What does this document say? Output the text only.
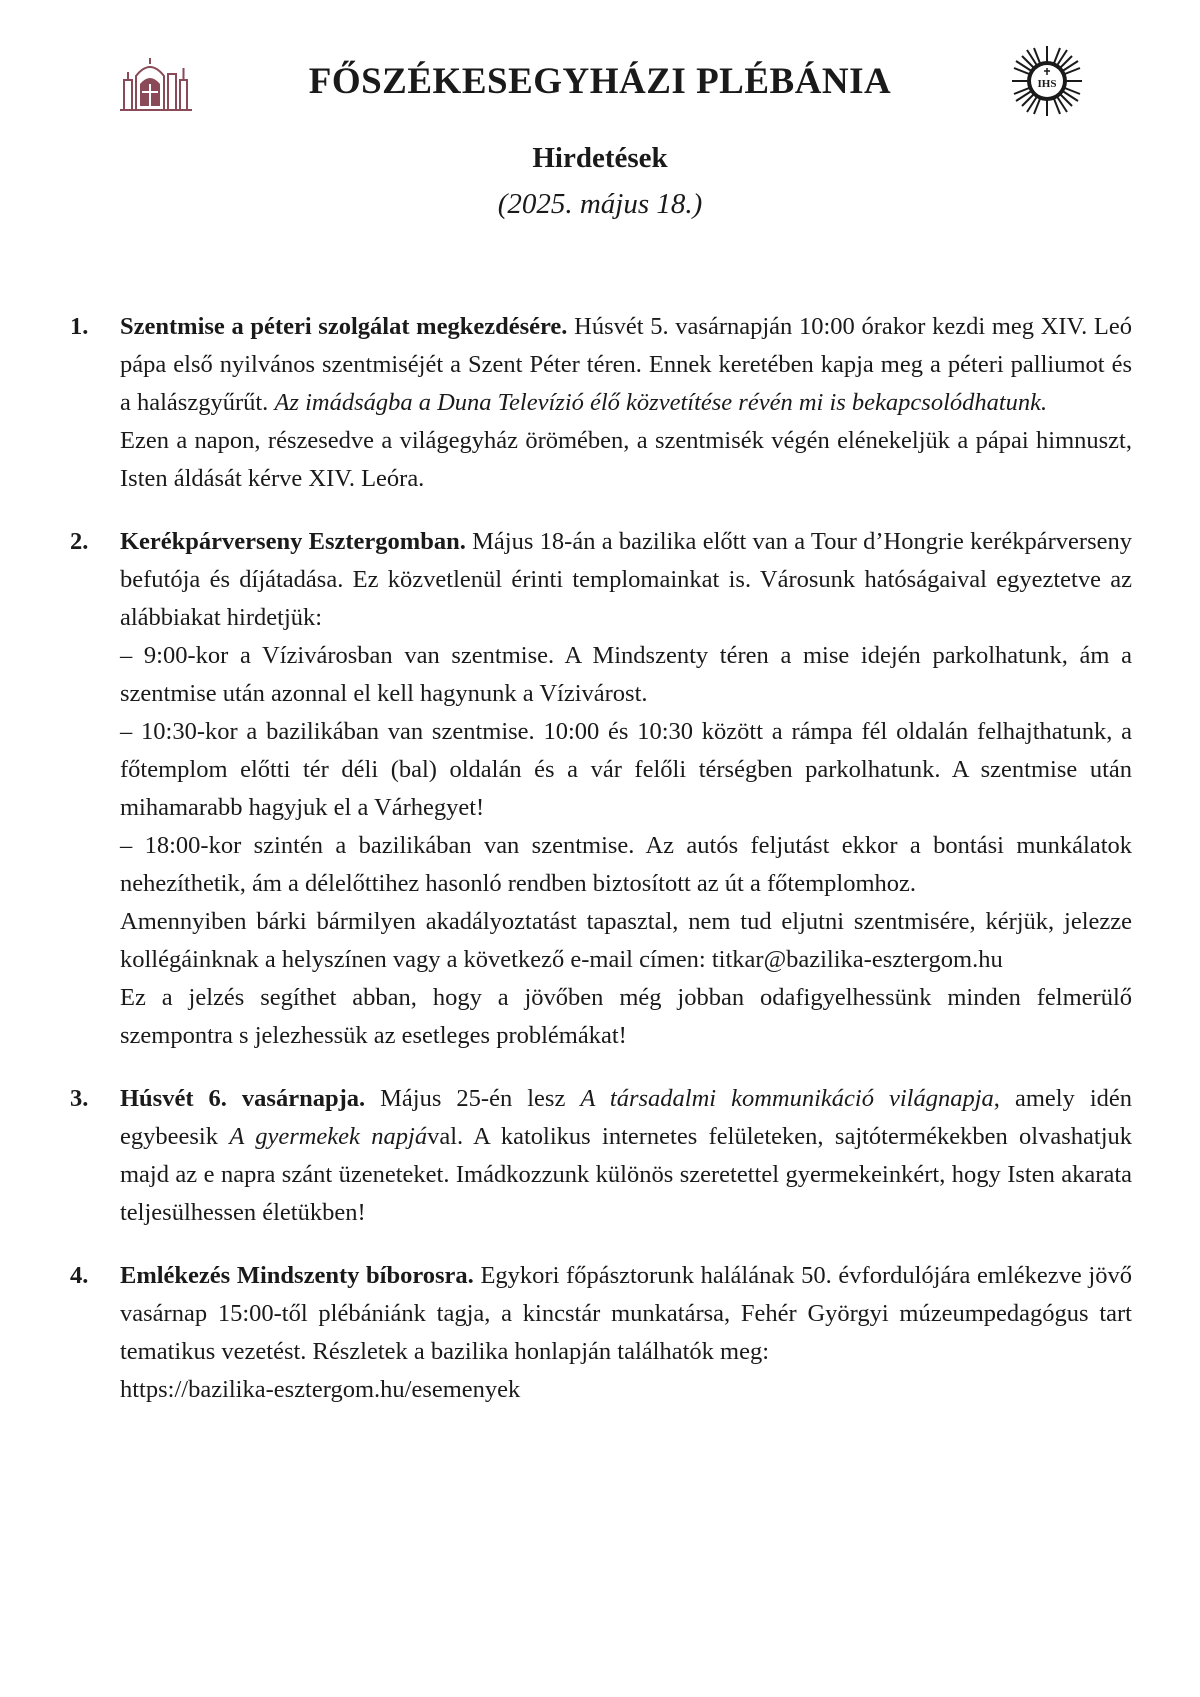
IHS
FŐSZÉKESEGYHÁZI PLÉBÁNIA
Hirdetések
(2025. május 18.)
1. Szentmise a péteri szolgálat megkezdésére. Húsvét 5. vasárnapján 10:00 órakor kezdi meg XIV. Leó pápa első nyilvános szentmiséjét a Szent Péter téren. Ennek keretében kapja meg a péteri palliumot és a halászgyűrűt. Az imádságba a Duna Televízió élő közvetítése révén mi is bekapcsolódhatunk.

Ezen a napon, részesedve a világegyház örömében, a szentmisék végén elénekeljük a pápai himnuszt, Isten áldását kérve XIV. Leóra.

2. Kerékpárverseny Esztergomban. Május 18-án a bazilika előtt van a Tour d’Hongrie kerékpárverseny befutója és díjátadása. Ez közvetlenül érinti templomainkat is. Városunk hatóságaival egyeztetve az alábbiakat hirdetjük:

– 9:00-kor a Vízivárosban van szentmise. A Mindszenty téren a mise idején parkolhatunk, ám a szentmise után azonnal el kell hagynunk a Vízivárost.

– 10:30-kor a bazilikában van szentmise. 10:00 és 10:30 között a rámpa fél oldalán felhajthatunk, a főtemplom előtti tér déli (bal) oldalán és a vár felőli térségben parkolhatunk. A szentmise után mihamarabb hagyjuk el a Várhegyet!

– 18:00-kor szintén a bazilikában van szentmise. Az autós feljutást ekkor a bontási munkálatok nehezíthetik, ám a délelőttihez hasonló rendben biztosított az út a főtemplomhoz.

Amennyiben bárki bármilyen akadályoztatást tapasztal, nem tud eljutni szentmisére, kérjük, jelezze kollégáinknak a helyszínen vagy a következő e-mail címen: titkar@bazilika-esztergom.hu

Ez a jelzés segíthet abban, hogy a jövőben még jobban odafigyelhessünk minden felmerülő szempontra s jelezhessük az esetleges problémákat!

3. Húsvét 6. vasárnapja. Május 25-én lesz A társadalmi kommunikáció világnapja, amely idén egybeesik A gyermekek napjával. A katolikus internetes felületeken, sajtótermékekben olvashatjuk majd az e napra szánt üzeneteket. Imádkozzunk különös szeretettel gyermekeinkért, hogy Isten akarata teljesülhessen életükben!

4. Emlékezés Mindszenty bíborosra. Egykori főpásztorunk halálának 50. évfordulójára emlékezve jövő vasárnap 15:00-től plébániánk tagja, a kincstár munkatársa, Fehér Györgyi múzeumpedagógus tart tematikus vezetést. Részletek a bazilika honlapján találhatók meg:

https://bazilika-esztergom.hu/esemenyek
